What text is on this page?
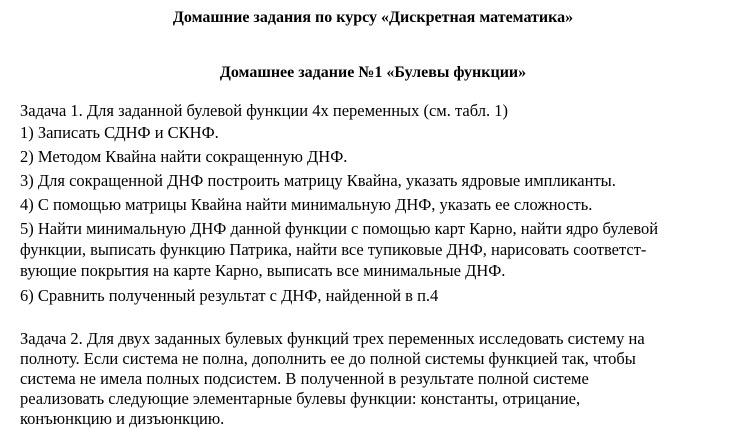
Домашние задания по курсу «Дискретная математика»
Домашнее задание №1 «Булевы функции»
Задача 1. Для заданной булевой функции 4х переменных (см. табл. 1)
1) Записать СДНФ и СКНФ.
2) Методом Квайна найти сокращенную ДНФ.
3) Для сокращенной ДНФ построить матрицу Квайна, указать ядровые импликанты.
4) С помощью матрицы Квайна найти минимальную ДНФ, указать ее сложность.
5) Найти минимальную ДНФ данной функции с помощью карт Карно, найти ядро булевой
функции, выписать функцию Патрика, найти все тупиковые ДНФ, нарисовать соответст-
вующие покрытия на карте Карно, выписать все минимальные ДНФ.
6) Сравнить полученный результат с ДНФ, найденной в п.4
Задача 2. Для двух заданных булевых функций трех переменных исследовать систему на
полноту. Если система не полна, дополнить ее до полной системы функцией так, чтобы
система не имела полных подсистем. В полученной в результате полной системе
реализовать следующие элементарные булевы функции: константы, отрицание,
конъюнкцию и дизъюнкцию.
